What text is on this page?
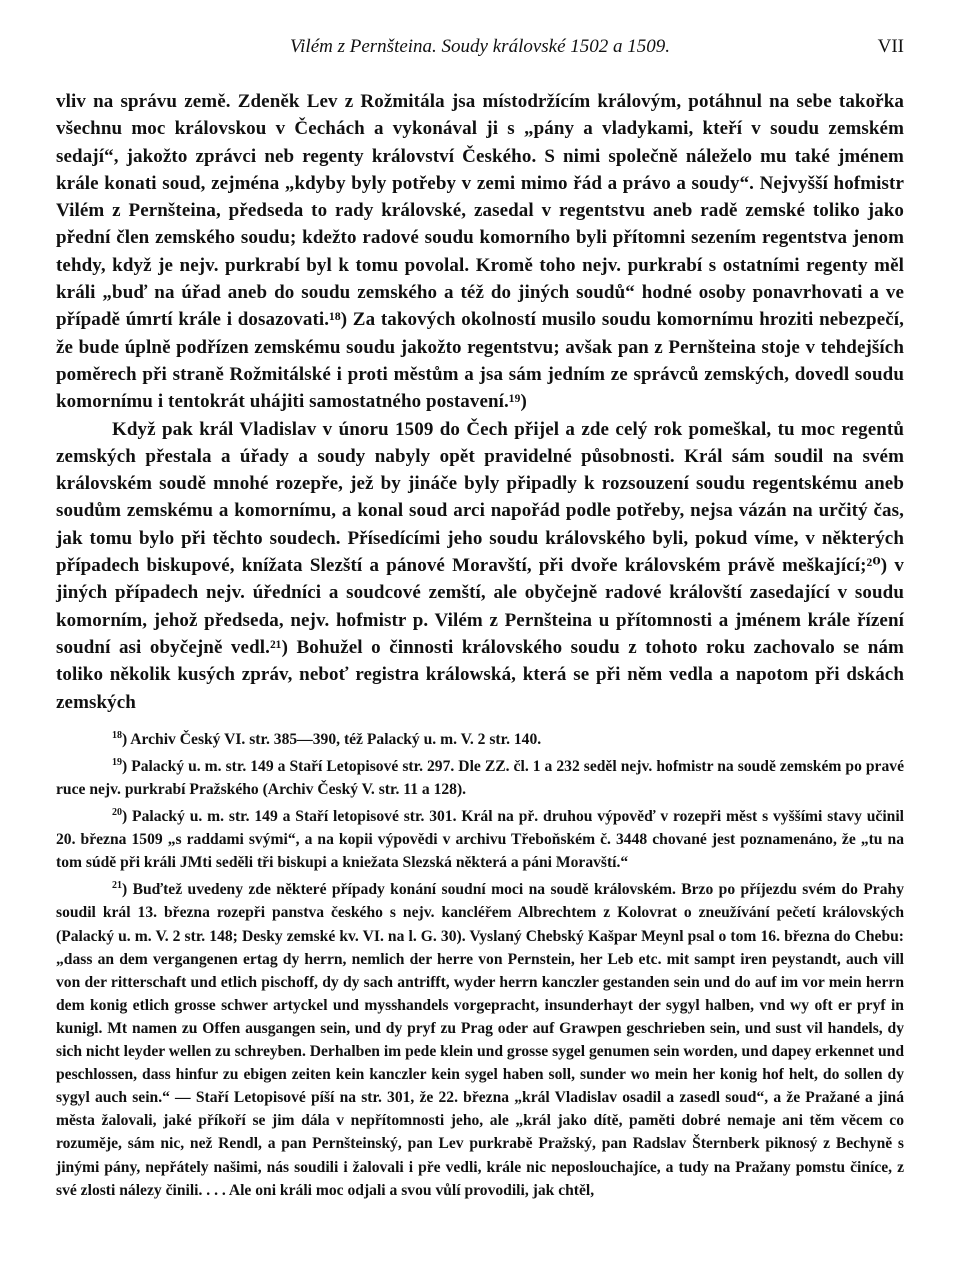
Vilém z Pernšteina. Soudy královské 1502 a 1509.	VII

vliv na správu země. Zdeněk Lev z Rožmitála jsa místodržícím královým, potáhnul na sebe takořka všechnu moc královskou v Čechách a vykonával ji s „pány a vladykami, kteří v soudu zemském sedají“, jakožto zprávci neb regenty království Českého. S nimi společně náleželo mu také jménem krále konati soud, zejména „kdyby byly potřeby v zemi mimo řád a právo a soudy“. Nejvyšší hofmistr Vilém z Pernšteina, předseda to rady královské, zasedal v regentstvu aneb radě zemské toliko jako přední člen zemského soudu; kdežto radové soudu komorního byli přítomni sezením regentstva jenom tehdy, když je nejv. purkrabí byl k tomu povolal. Kromě toho nejv. purkrabí s ostatními regenty měl králi „buď na úřad aneb do soudu zemského a též do jiných soudů“ hodné osoby ponavrhovati a ve případě úmrtí krále i dosazovati.¹⁸) Za takových okolností musilo soudu komornímu hroziti nebezpečí, že bude úplně podřízen zemskému soudu jakožto regentstvu; avšak pan z Pernšteina stoje v tehdejších poměrech při straně Rožmitálské i proti městům a jsa sám jedním ze správců zemských, dovedl soudu komornímu i tentokrát uhájiti samostatného postavení.¹⁹)

Když pak král Vladislav v únoru 1509 do Čech přijel a zde celý rok pomeškal, tu moc regentů zemských přestala a úřady a soudy nabyly opět pravidelné působnosti. Král sám soudil na svém královském soudě mnohé rozepře, jež by jináče byly připadly k rozsouzení soudu regentskému aneb soudům zemskému a komornímu, a konal soud arci napořád podle potřeby, nejsa vázán na určitý čas, jak tomu bylo při těchto soudech. Přísedícími jeho soudu královského byli, pokud víme, v některých případech biskupové, knížata Slezští a pánové Moravští, při dvoře královském právě meškající;²⁰) v jiných případech nejv. úředníci a soudcové zemští, ale obyčejně radové královští zasedající v soudu komorním, jehož předseda, nejv. hofmistr p. Vilém z Pernšteina u přítomnosti a jménem krále řízení soudní asi obyčejně vedl.²¹) Bohužel o činnosti královského soudu z tohoto roku zachovalo se nám toliko několik kusých zpráv, neboť registra králowská, která se při něm vedla a napotom při dskách zemských

$^{18}$) Archiv Český VI. str. 385—390, též Palacký u. m. V. 2 str. 140.

$^{19}$) Palacký u. m. str. 149 a Staří Letopisové str. 297. Dle ZZ. čl. 1 a 232 seděl nejv. hofmistr na soudě zemském po pravé ruce nejv. purkrabí Pražského (Archiv Český V. str. 11 a 128).

$^{20}$) Palacký u. m. str. 149 a Staří letopisové str. 301. Král na př. druhou výpověď v rozepři měst s vyššími stavy učinil 20. března 1509 „s raddami svými“, a na kopii výpovědi v archivu Třeboňském č. 3448 chované jest poznamenáno, že „tu na tom súdě při králi JMti seděli tři biskupi a kniežata Slezská některá a páni Moravští.“

$^{21}$) Buďtež uvedeny zde některé případy konání soudní moci na soudě královském. Brzo po příjezdu svém do Prahy soudil král 13. března rozepři panstva českého s nejv. kancléřem Albrechtem z Kolovrat o zneužívání pečetí královských (Palacký u. m. V. 2 str. 148; Desky zemské kv. VI. na l. G. 30). Vyslaný Chebský Kašpar Meynl psal o tom 16. března do Chebu: „dass an dem vergangenen ertag dy herrn, nemlich der herre von Pernstein, her Leb etc. mit sampt iren peystandt, auch vill von der ritterschaft und etlich pischoff, dy dy sach antrifft, wyder herrn kanczler gestanden sein und do auf im vor mein herrn dem konig etlich grosse schwer artyckel und mysshandels vorgepracht, insunderhayt der sygyl halben, vnd wy oft er pryf in kunigl. Mt namen zu Offen ausgangen sein, und dy pryf zu Prag oder auf Grawpen geschrieben sein, und sust vil handels, dy sich nicht leyder wellen zu schreyben. Derhalben im pede klein und grosse sygel genumen sein worden, und dapey erkennet und peschlossen, dass hinfur zu ebigen zeiten kein kanczler kein sygel haben soll, sunder wo mein her konig hof helt, do sollen dy sygyl auch sein.“ — Staří Letopisové píší na str. 301, že 22. března „král Vladislav osadil a zasedl soud“, a že Pražané a jiná města žalovali, jaké příkoří se jim dála v nepřítomnosti jeho, ale „král jako dítě, paměti dobré nemaje ani těm věcem co rozuměje, sám nic, než Rendl, a pan Pernšteinský, pan Lev purkrabě Pražský, pan Radslav Šternberk piknosý z Bechyně s jinými pány, nepřátely našimi, nás soudili i žalovali i pře vedli, krále nic neposlouchajíce, a tudy na Pražany pomstu činíce, z své zlosti nálezy činili. . . . Ale oni králi moc odjali a svou vůlí provodili, jak chtěl,
